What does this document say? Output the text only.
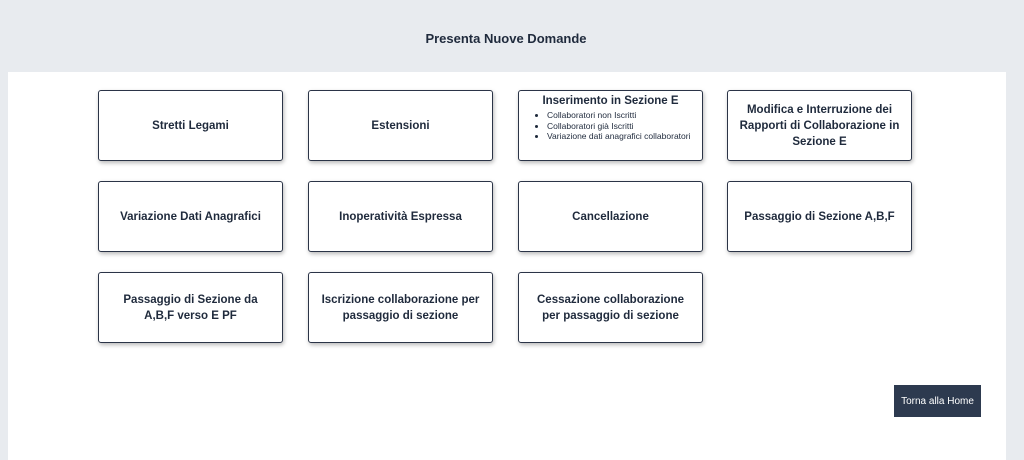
Presenta Nuove Domande
Stretti Legami	Estensioni
Inserimento in Sezione E
• Collaboratori non Iscritti
• Collaboratori già Iscritti
• Variazione dati anagrafici collaboratori
Modifica e Interruzione dei Rapporti di Collaborazione in Sezione E
Variazione Dati Anagrafici	Inoperatività Espressa	Cancellazione	Passaggio di Sezione A,B,F
Passaggio di Sezione da A,B,F verso E PF
Iscrizione collaborazione per passaggio di sezione
Cessazione collaborazione per passaggio di sezione
Torna alla Home
